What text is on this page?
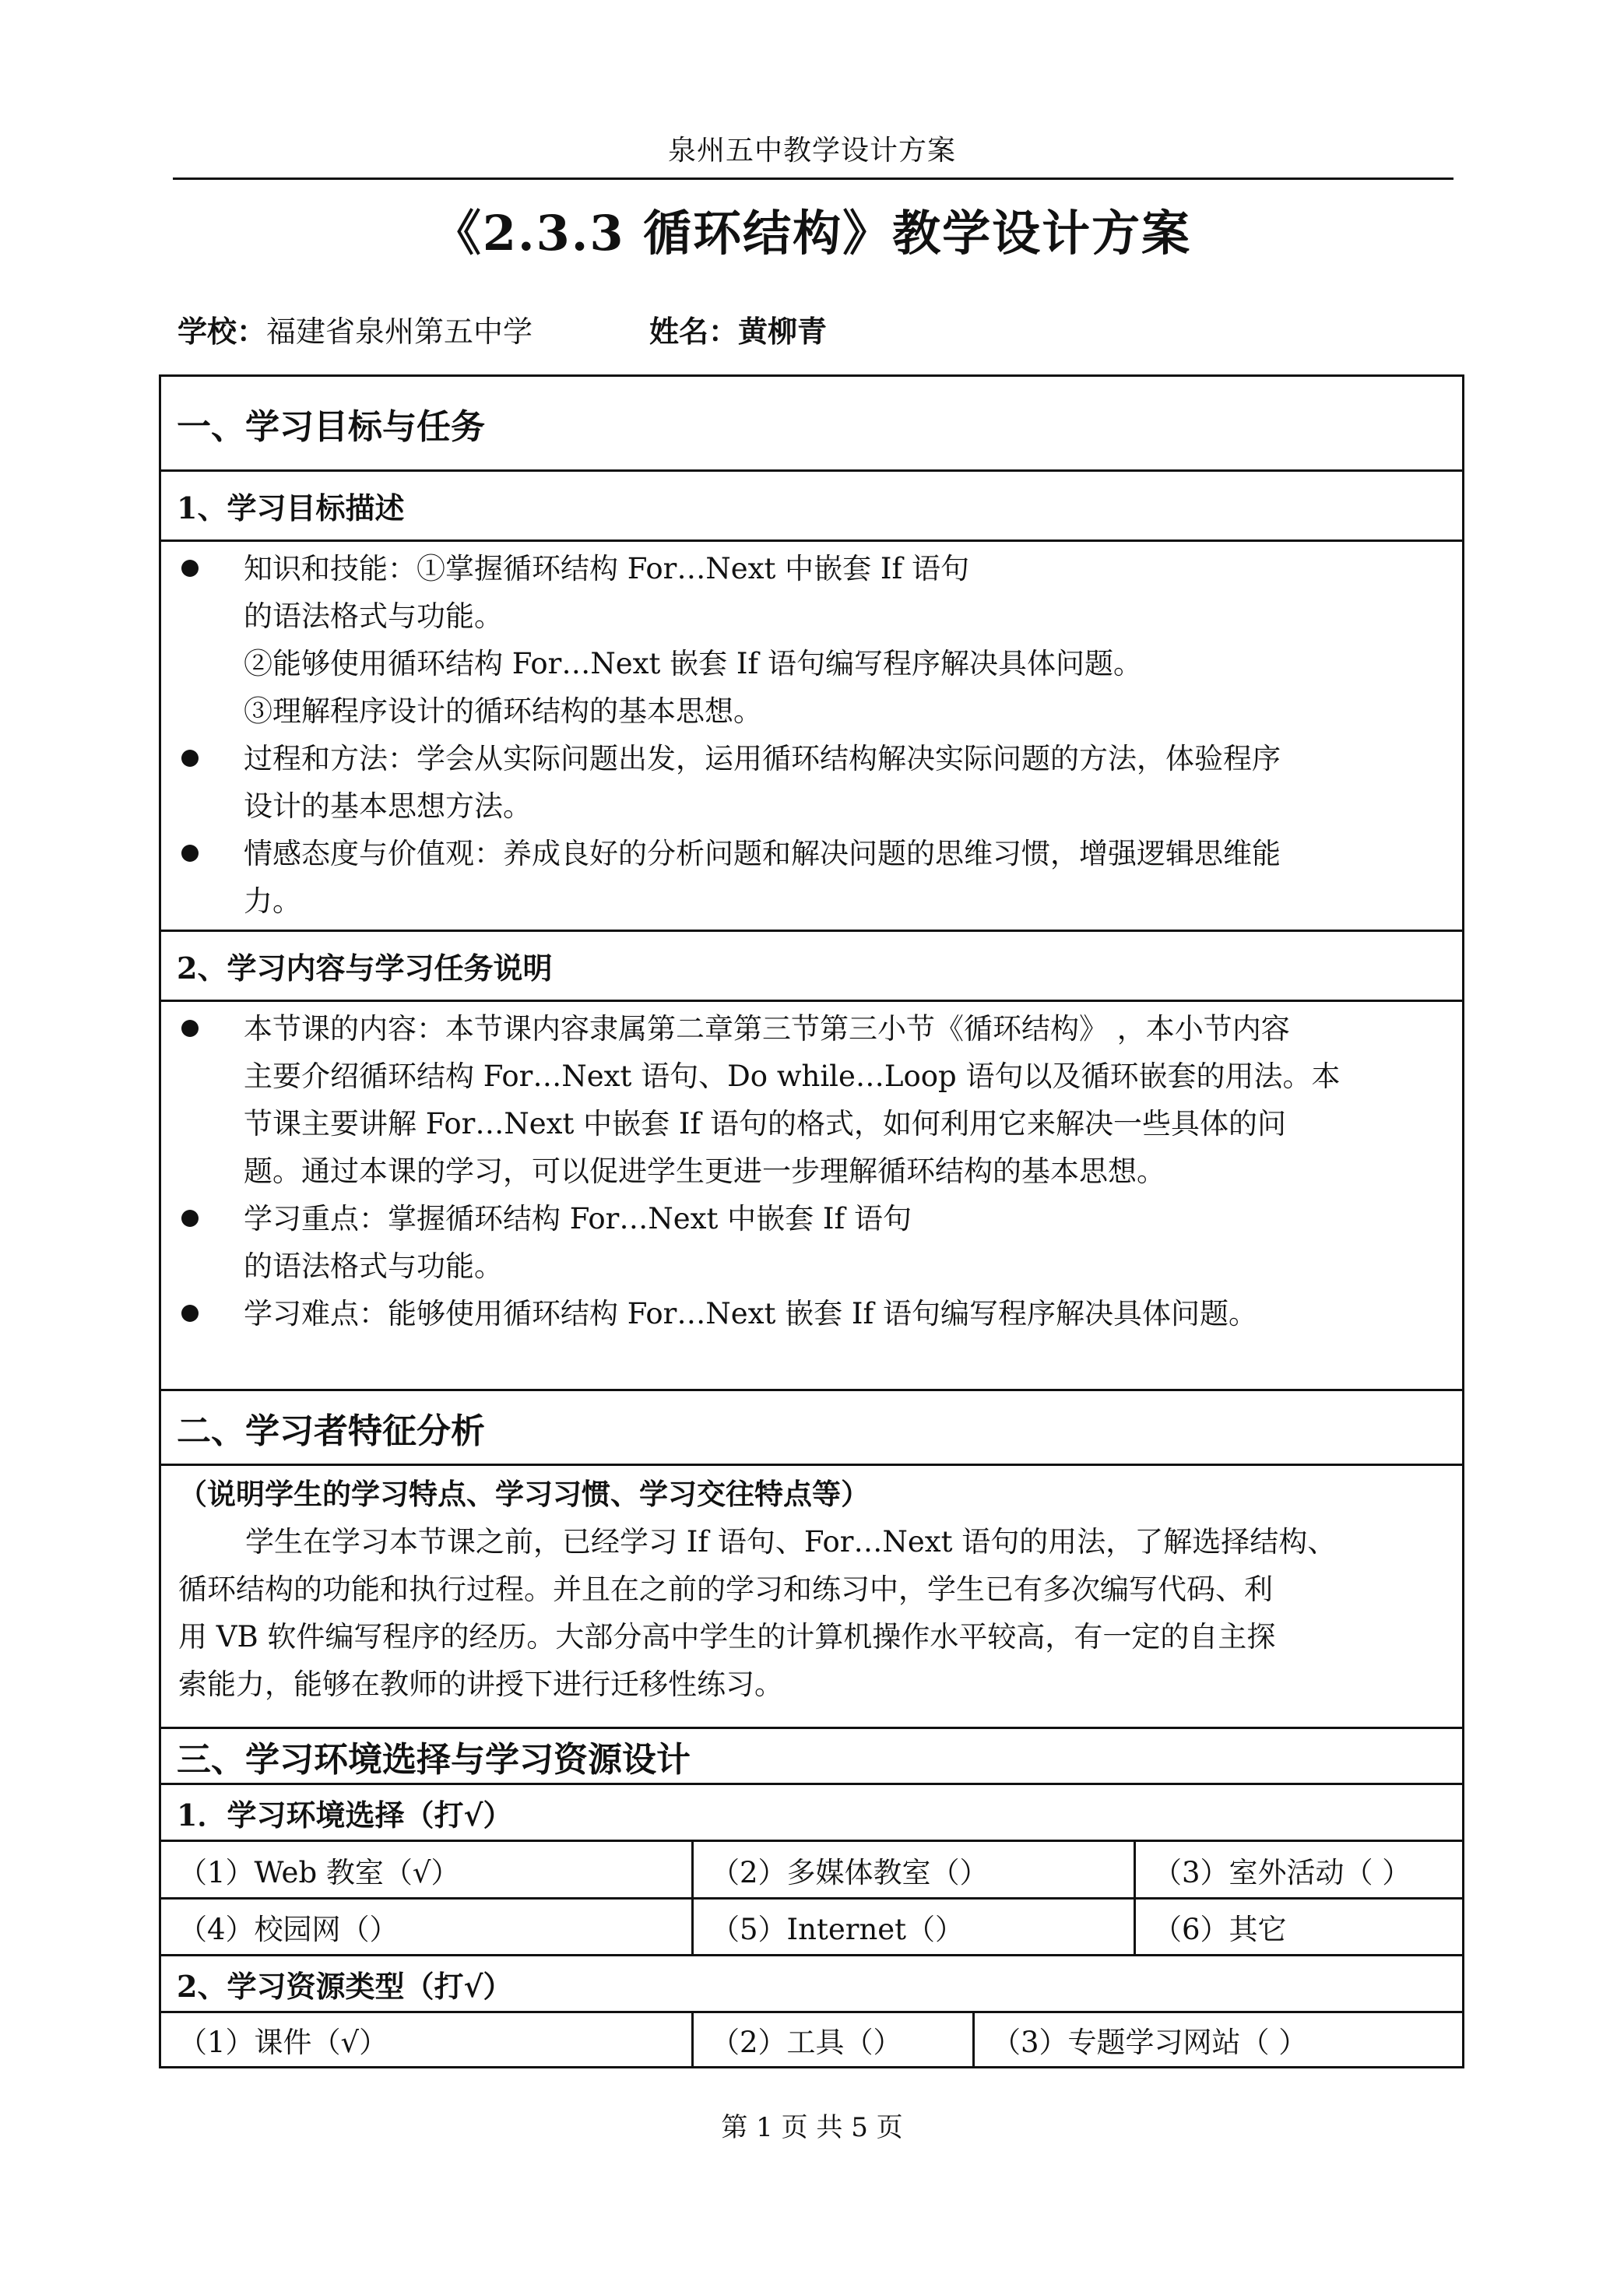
泉州五中教学设计方案
《2.3.3 循环结构》教学设计方案
学校：福建省泉州第五中学	姓名：黄柳青
一、学习目标与任务
1、学习目标描述
知识和技能：①掌握循环结构 For…Next 中嵌套 If 语句
的语法格式与功能。
②能够使用循环结构 For…Next 嵌套 If 语句编写程序解决具体问题。
③理解程序设计的循环结构的基本思想。
过程和方法：学会从实际问题出发，运用循环结构解决实际问题的方法，体验程序
设计的基本思想方法。
情感态度与价值观：养成良好的分析问题和解决问题的思维习惯，增强逻辑思维能
力。
2、学习内容与学习任务说明
本节课的内容：本节课内容隶属第二章第三节第三小节《循环结构》 ，本小节内容
主要介绍循环结构 For…Next 语句、Do while…Loop 语句以及循环嵌套的用法。本
节课主要讲解 For…Next 中嵌套 If 语句的格式，如何利用它来解决一些具体的问
题。通过本课的学习，可以促进学生更进一步理解循环结构的基本思想。
学习重点：掌握循环结构 For…Next 中嵌套 If 语句
的语法格式与功能。
学习难点：能够使用循环结构 For…Next 嵌套 If 语句编写程序解决具体问题。
二、学习者特征分析
（说明学生的学习特点、学习习惯、学习交往特点等）
学生在学习本节课之前，已经学习 If 语句、For…Next 语句的用法，了解选择结构、
循环结构的功能和执行过程。并且在之前的学习和练习中，学生已有多次编写代码、利
用 VB 软件编写程序的经历。大部分高中学生的计算机操作水平较高，有一定的自主探
索能力，能够在教师的讲授下进行迁移性练习。
三、学习环境选择与学习资源设计
1．学习环境选择（打√）
（1）Web 教室（√）	（2）多媒体教室（）	（3）室外活动（ ）
（4）校园网（）	（5）Internet（）	（6）其它
2、学习资源类型（打√）
（1）课件（√）	（2）工具（）	（3）专题学习网站（ ）
第 1 页 共 5 页
